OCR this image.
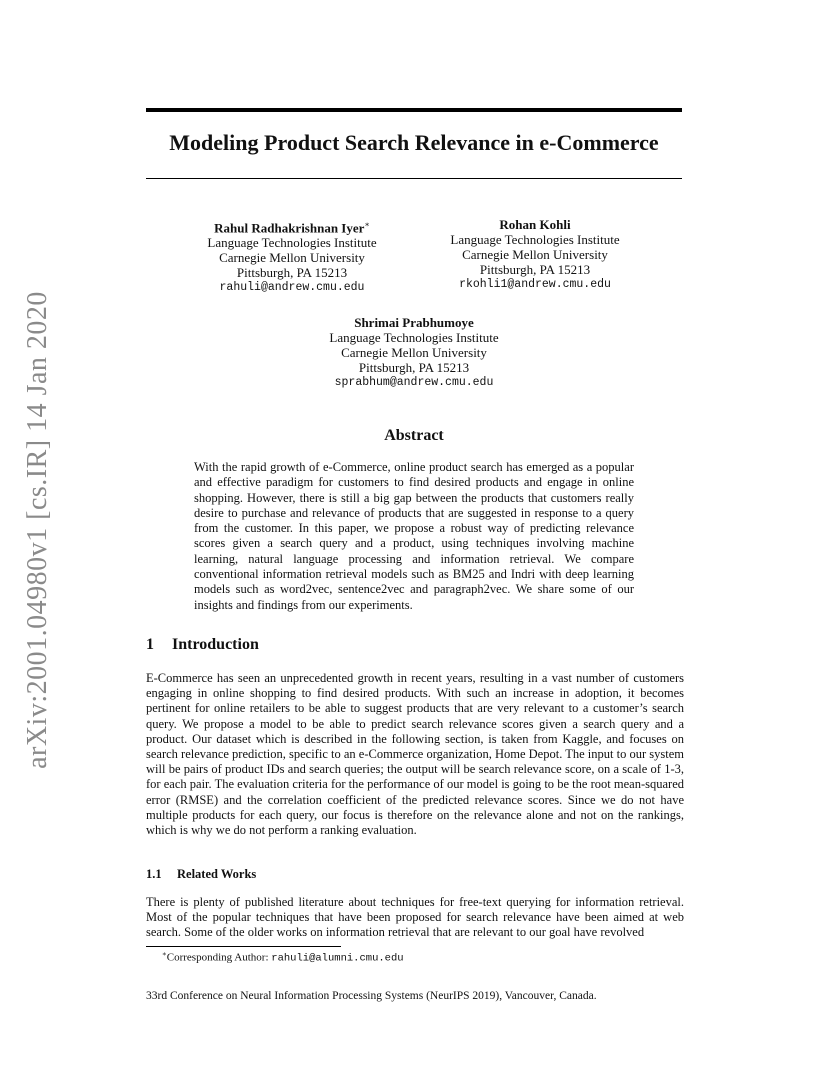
arXiv:2001.04980v1 [cs.IR] 14 Jan 2020
Modeling Product Search Relevance in e-Commerce
Rahul Radhakrishnan Iyer∗
Language Technologies Institute
Carnegie Mellon University
Pittsburgh, PA 15213
rahuli@andrew.cmu.edu
Rohan Kohli
Language Technologies Institute
Carnegie Mellon University
Pittsburgh, PA 15213
rkohli1@andrew.cmu.edu
Shrimai Prabhumoye
Language Technologies Institute
Carnegie Mellon University
Pittsburgh, PA 15213
sprabhum@andrew.cmu.edu
Abstract

With the rapid growth of e-Commerce, online product search has emerged as a popular and effective paradigm for customers to find desired products and engage in online shopping. However, there is still a big gap between the products that customers really desire to purchase and relevance of products that are suggested in response to a query from the customer. In this paper, we propose a robust way of predicting relevance scores given a search query and a product, using techniques involving machine learning, natural language processing and information retrieval. We compare conventional information retrieval models such as BM25 and Indri with deep learning models such as word2vec, sentence2vec and paragraph2vec. We share some of our insights and findings from our experiments.

1 Introduction

E-Commerce has seen an unprecedented growth in recent years, resulting in a vast number of customers engaging in online shopping to find desired products. With such an increase in adoption, it becomes pertinent for online retailers to be able to suggest products that are very relevant to a customer’s search query. We propose a model to be able to predict search relevance scores given a search query and a product. Our dataset which is described in the following section, is taken from Kaggle, and focuses on search relevance prediction, specific to an e-Commerce organization, Home Depot. The input to our system will be pairs of product IDs and search queries; the output will be search relevance score, on a scale of 1-3, for each pair. The evaluation criteria for the performance of our model is going to be the root mean-squared error (RMSE) and the correlation coefficient of the predicted relevance scores. Since we do not have multiple products for each query, our focus is therefore on the relevance alone and not on the rankings, which is why we do not perform a ranking evaluation.

1.1 Related Works

There is plenty of published literature about techniques for free-text querying for information retrieval. Most of the popular techniques that have been proposed for search relevance have been aimed at web search. Some of the older works on information retrieval that are relevant to our goal have revolved

∗Corresponding Author: rahuli@alumni.cmu.edu
33rd Conference on Neural Information Processing Systems (NeurIPS 2019), Vancouver, Canada.
